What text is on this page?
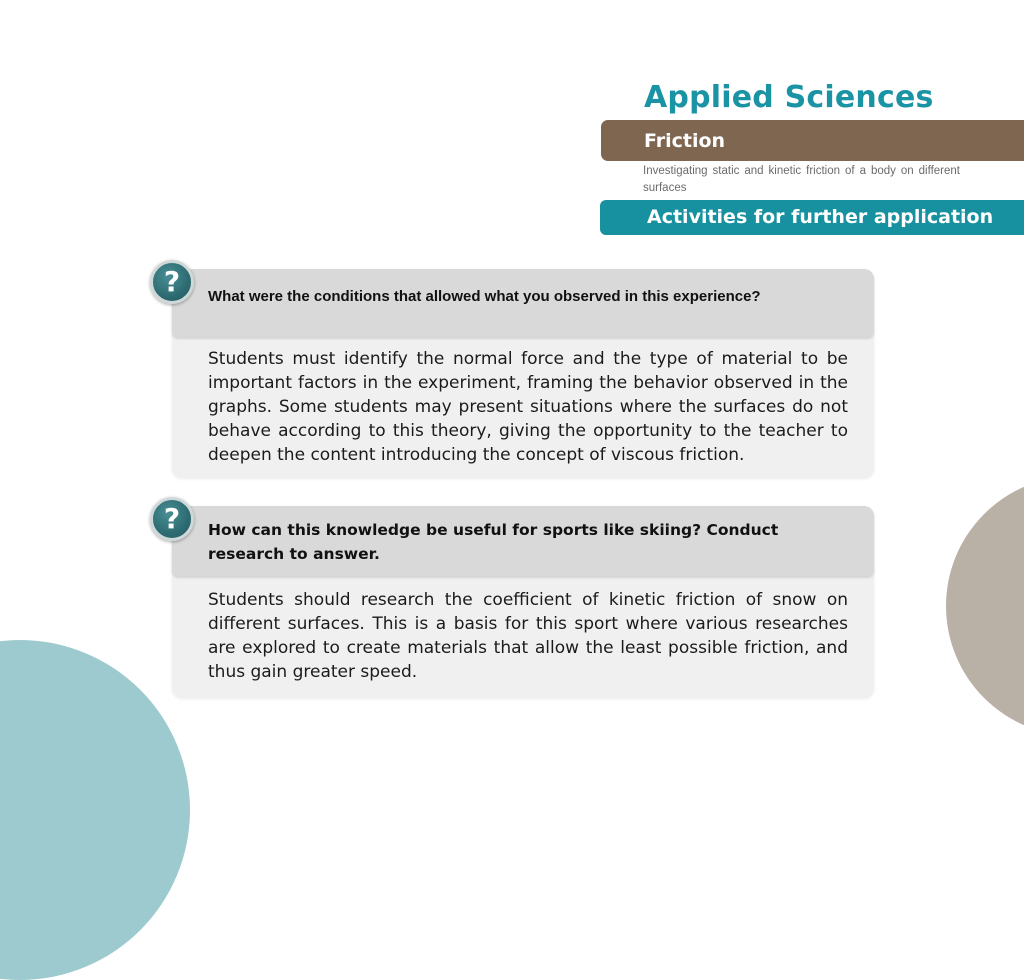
Applied Sciences
Friction
Investigating static and kinetic friction of a body on different surfaces
Activities for further application
What were the conditions that allowed what you observed in this experience?
Students must identify the normal force and the type of material to be important factors in the experiment, framing the behavior observed in the graphs. Some students may present situations where the surfaces do not behave according to this theory, giving the opportunity to the teacher to deepen the content introducing the concept of viscous friction.
?
How can this knowledge be useful for sports like skiing? Conduct research to answer.
Students should research the coefficient of kinetic friction of snow on different surfaces. This is a basis for this sport where various researches are explored to create materials that allow the least possible friction, and thus gain greater speed.
?
